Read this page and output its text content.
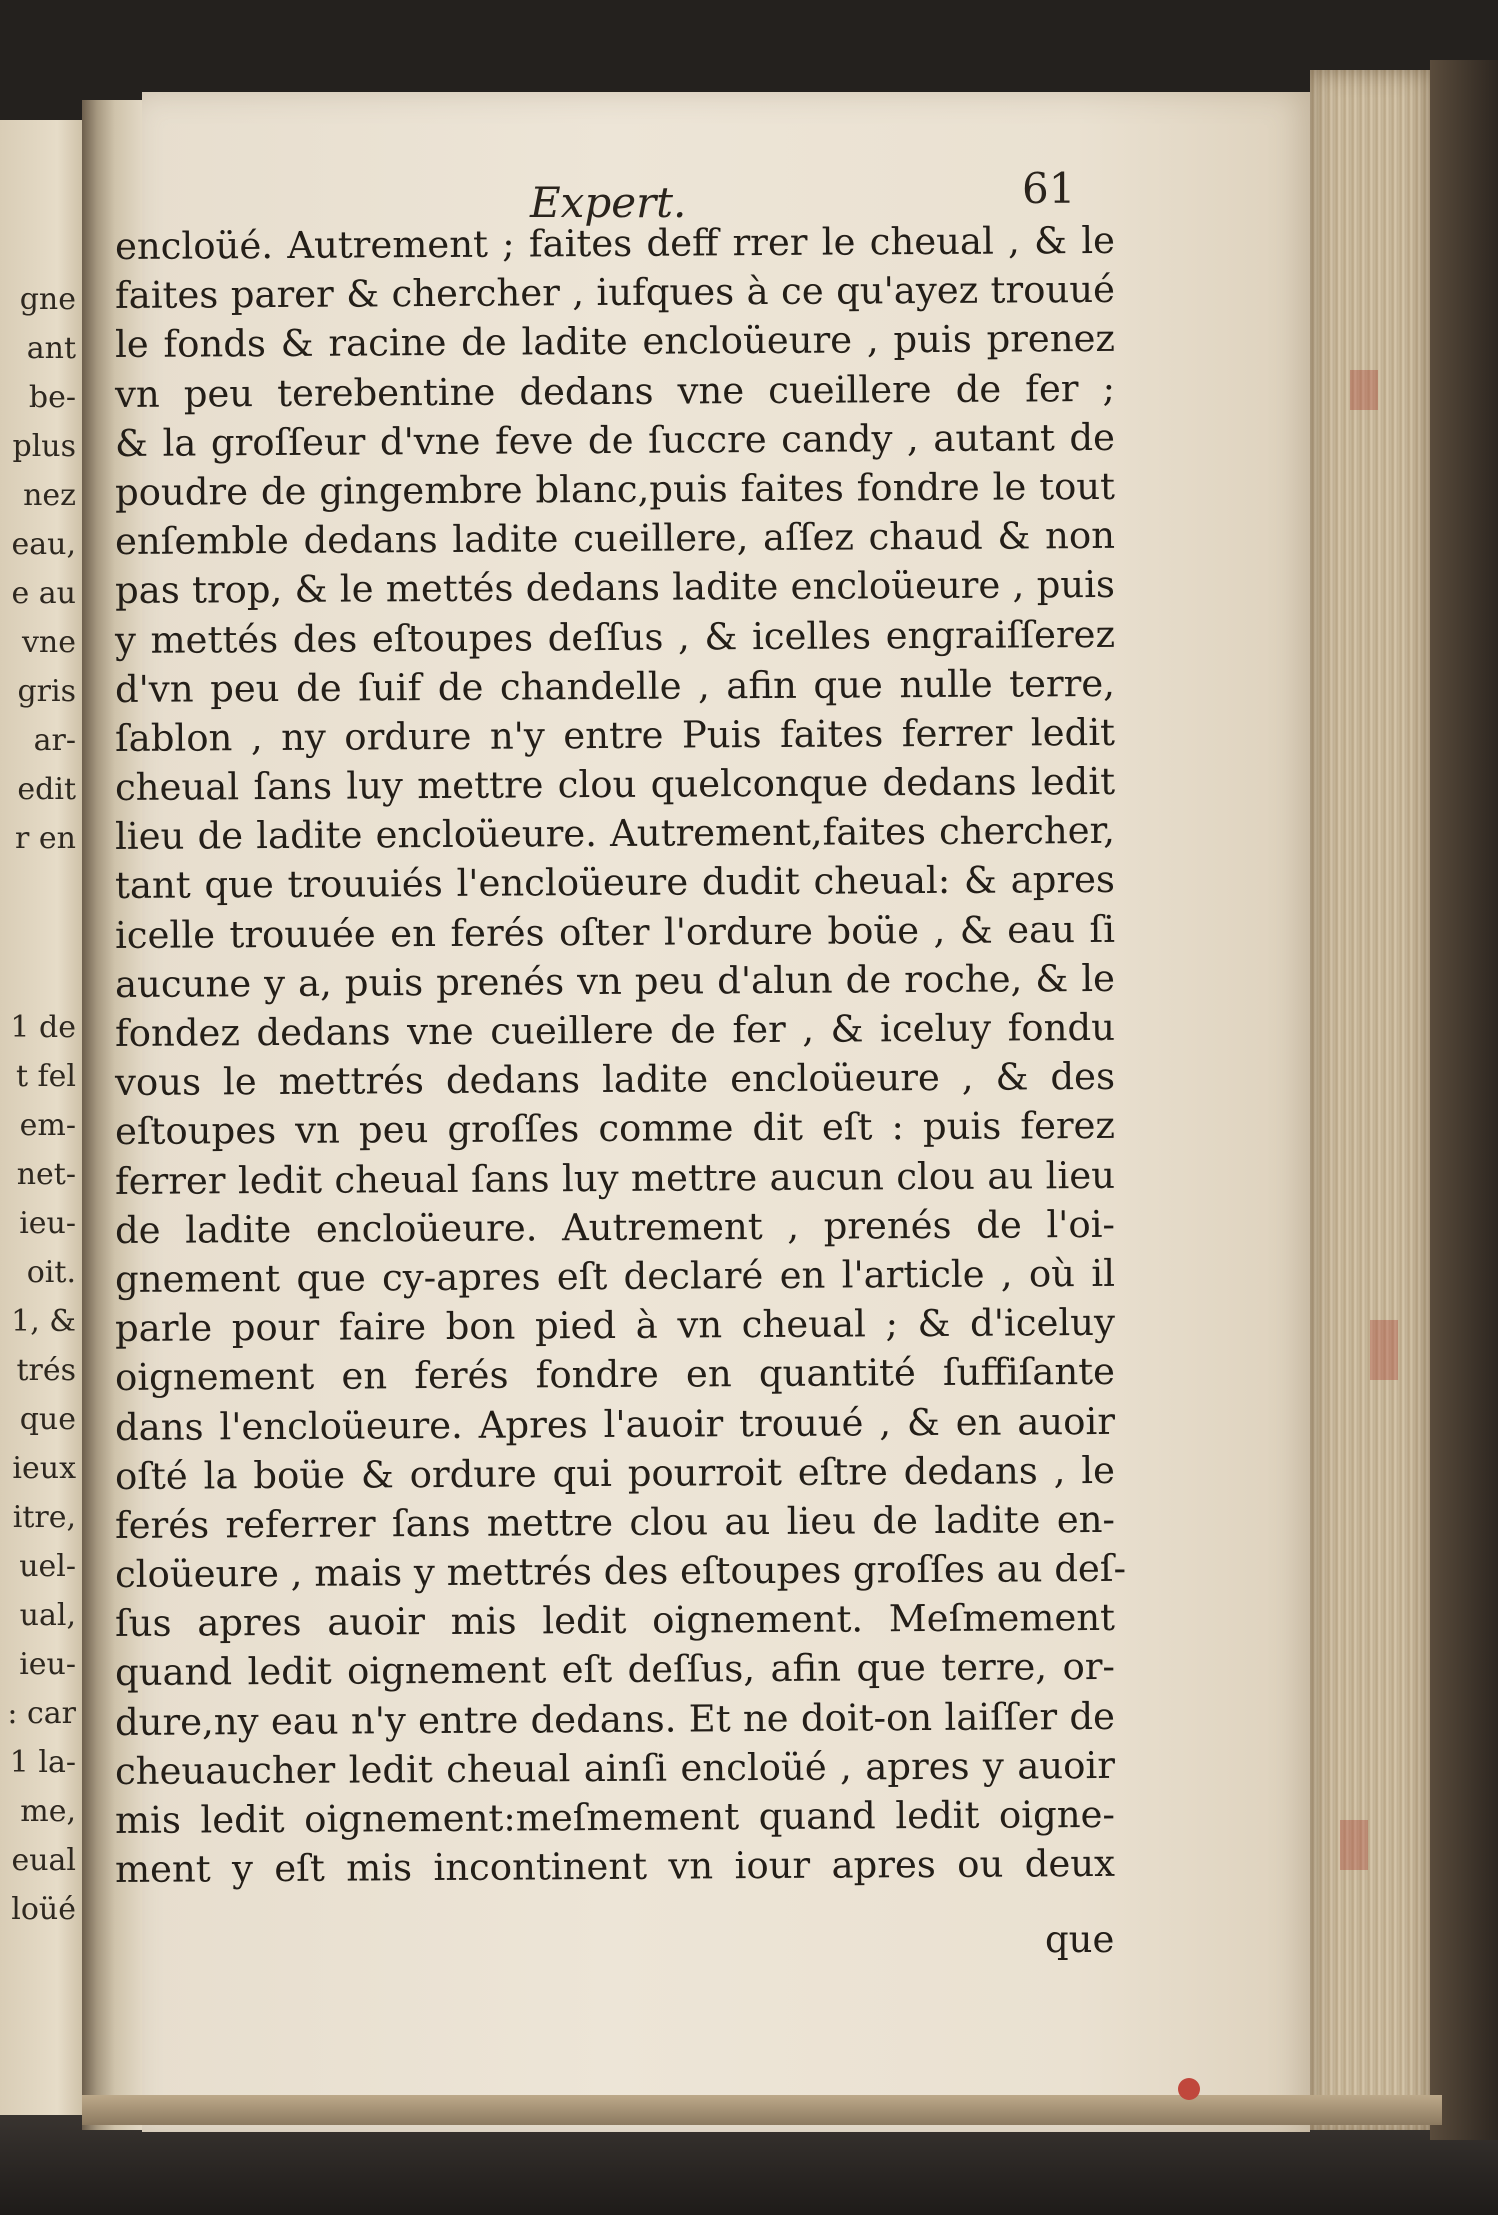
gne
ant
be-
plus
nez
eau,
e au
vne
gris
ar-
edit
r en
1 de
t fel
em-
net-
ieu-
oit.
1, &
trés
que
ieux
itre,
uel-
ual,
ieu-
: car
1 la-
me,
eual
loüé
Expert.	61
encloüé. Autrement ; faites deff rrer le cheual , & le
faites parer & chercher , iufques à ce qu'ayez trouué
le fonds & racine de ladite encloüeure , puis prenez
vn peu terebentine dedans vne cueillere de fer ;
& la groſſeur d'vne feve de ſuccre candy , autant de
poudre de gingembre blanc,puis faites fondre le tout
enſemble dedans ladite cueillere, aſſez chaud & non
pas trop, & le mettés dedans ladite encloüeure , puis
y mettés des eſtoupes deſſus , & icelles engraiſſerez
d'vn peu de ſuif de chandelle , afin que nulle terre,
ſablon , ny ordure n'y entre Puis faites ferrer ledit
cheual ſans luy mettre clou quelconque dedans ledit
lieu de ladite encloüeure. Autrement,faites chercher,
tant que trouuiés l'encloüeure dudit cheual: & apres
icelle trouuée en ferés oſter l'ordure boüe , & eau ſi
aucune y a, puis prenés vn peu d'alun de roche, & le
fondez dedans vne cueillere de fer , & iceluy fondu
vous le mettrés dedans ladite encloüeure , & des
eſtoupes vn peu groſſes comme dit eſt : puis ferez
ferrer ledit cheual ſans luy mettre aucun clou au lieu
de ladite encloüeure. Autrement , prenés de l'oi-
gnement que cy-apres eſt declaré en l'article , où il
parle pour faire bon pied à vn cheual ; & d'iceluy
oignement en ferés fondre en quantité ſuffiſante
dans l'encloüeure. Apres l'auoir trouué , & en auoir
oſté la boüe & ordure qui pourroit eſtre dedans , le
ferés referrer ſans mettre clou au lieu de ladite en-
cloüeure , mais y mettrés des eſtoupes groſſes au deſ-
ſus apres auoir mis ledit oignement. Meſmement
quand ledit oignement eſt deſſus, afin que terre, or-
dure,ny eau n'y entre dedans. Et ne doit-on laiſſer de
cheuaucher ledit cheual ainſi encloüé , apres y auoir
mis ledit oignement:meſmement quand ledit oigne-
ment y eſt mis incontinent vn iour apres ou deux
que
